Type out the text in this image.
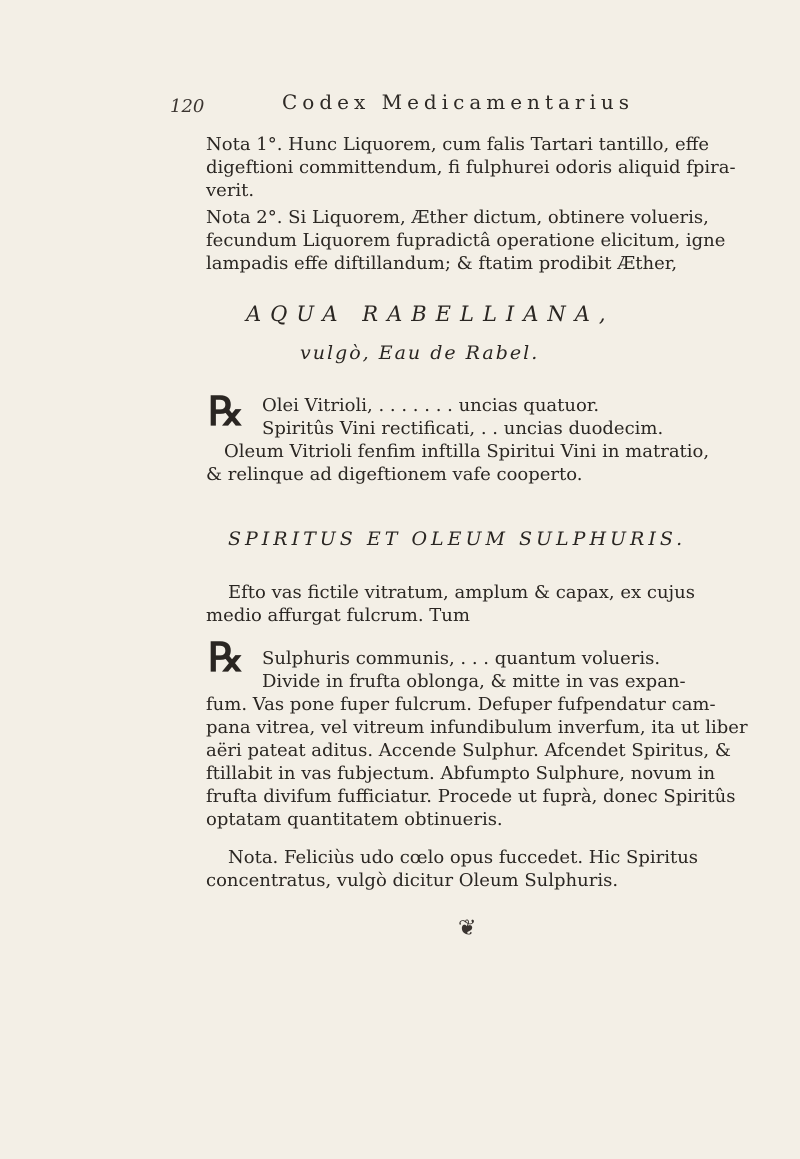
120	Codex Medicamentarius
Nota 1°. Hunc Liquorem, cum falis Tartari tantillo, effe
digeftioni committendum, fi fulphurei odoris aliquid fpira-
verit.
Nota 2°. Si Liquorem, Æther dictum, obtinere volueris,
fecundum Liquorem fupradictâ operatione elicitum, igne
lampadis effe diftillandum; & ftatim prodibit Æther,
AQUA RABELLIANA,
vulgò, Eau de Rabel.
℞ Olei Vitrioli, . . . . . . . uncias quatuor.
Spiritûs Vini rectificati, . . uncias duodecim.
Oleum Vitrioli fenfim inftilla Spiritui Vini in matratio,
& relinque ad digeftionem vafe cooperto.
SPIRITUS ET OLEUM SULPHURIS.
Efto vas fictile vitratum, amplum & capax, ex cujus
medio affurgat fulcrum. Tum
℞ Sulphuris communis, . . . quantum volueris.
Divide in frufta oblonga, & mitte in vas expan-
fum. Vas pone fuper fulcrum. Defuper fufpendatur cam-
pana vitrea, vel vitreum infundibulum inverfum, ita ut liber
aëri pateat aditus. Accende Sulphur. Afcendet Spiritus, &
ftillabit in vas fubjectum. Abfumpto Sulphure, novum in
frufta divifum fufficiatur. Procede ut fuprà, donec Spiritûs
optatam quantitatem obtinueris.
Nota. Feliciùs udo cœlo opus fuccedet. Hic Spiritus
concentratus, vulgò dicitur Oleum Sulphuris.
❦
